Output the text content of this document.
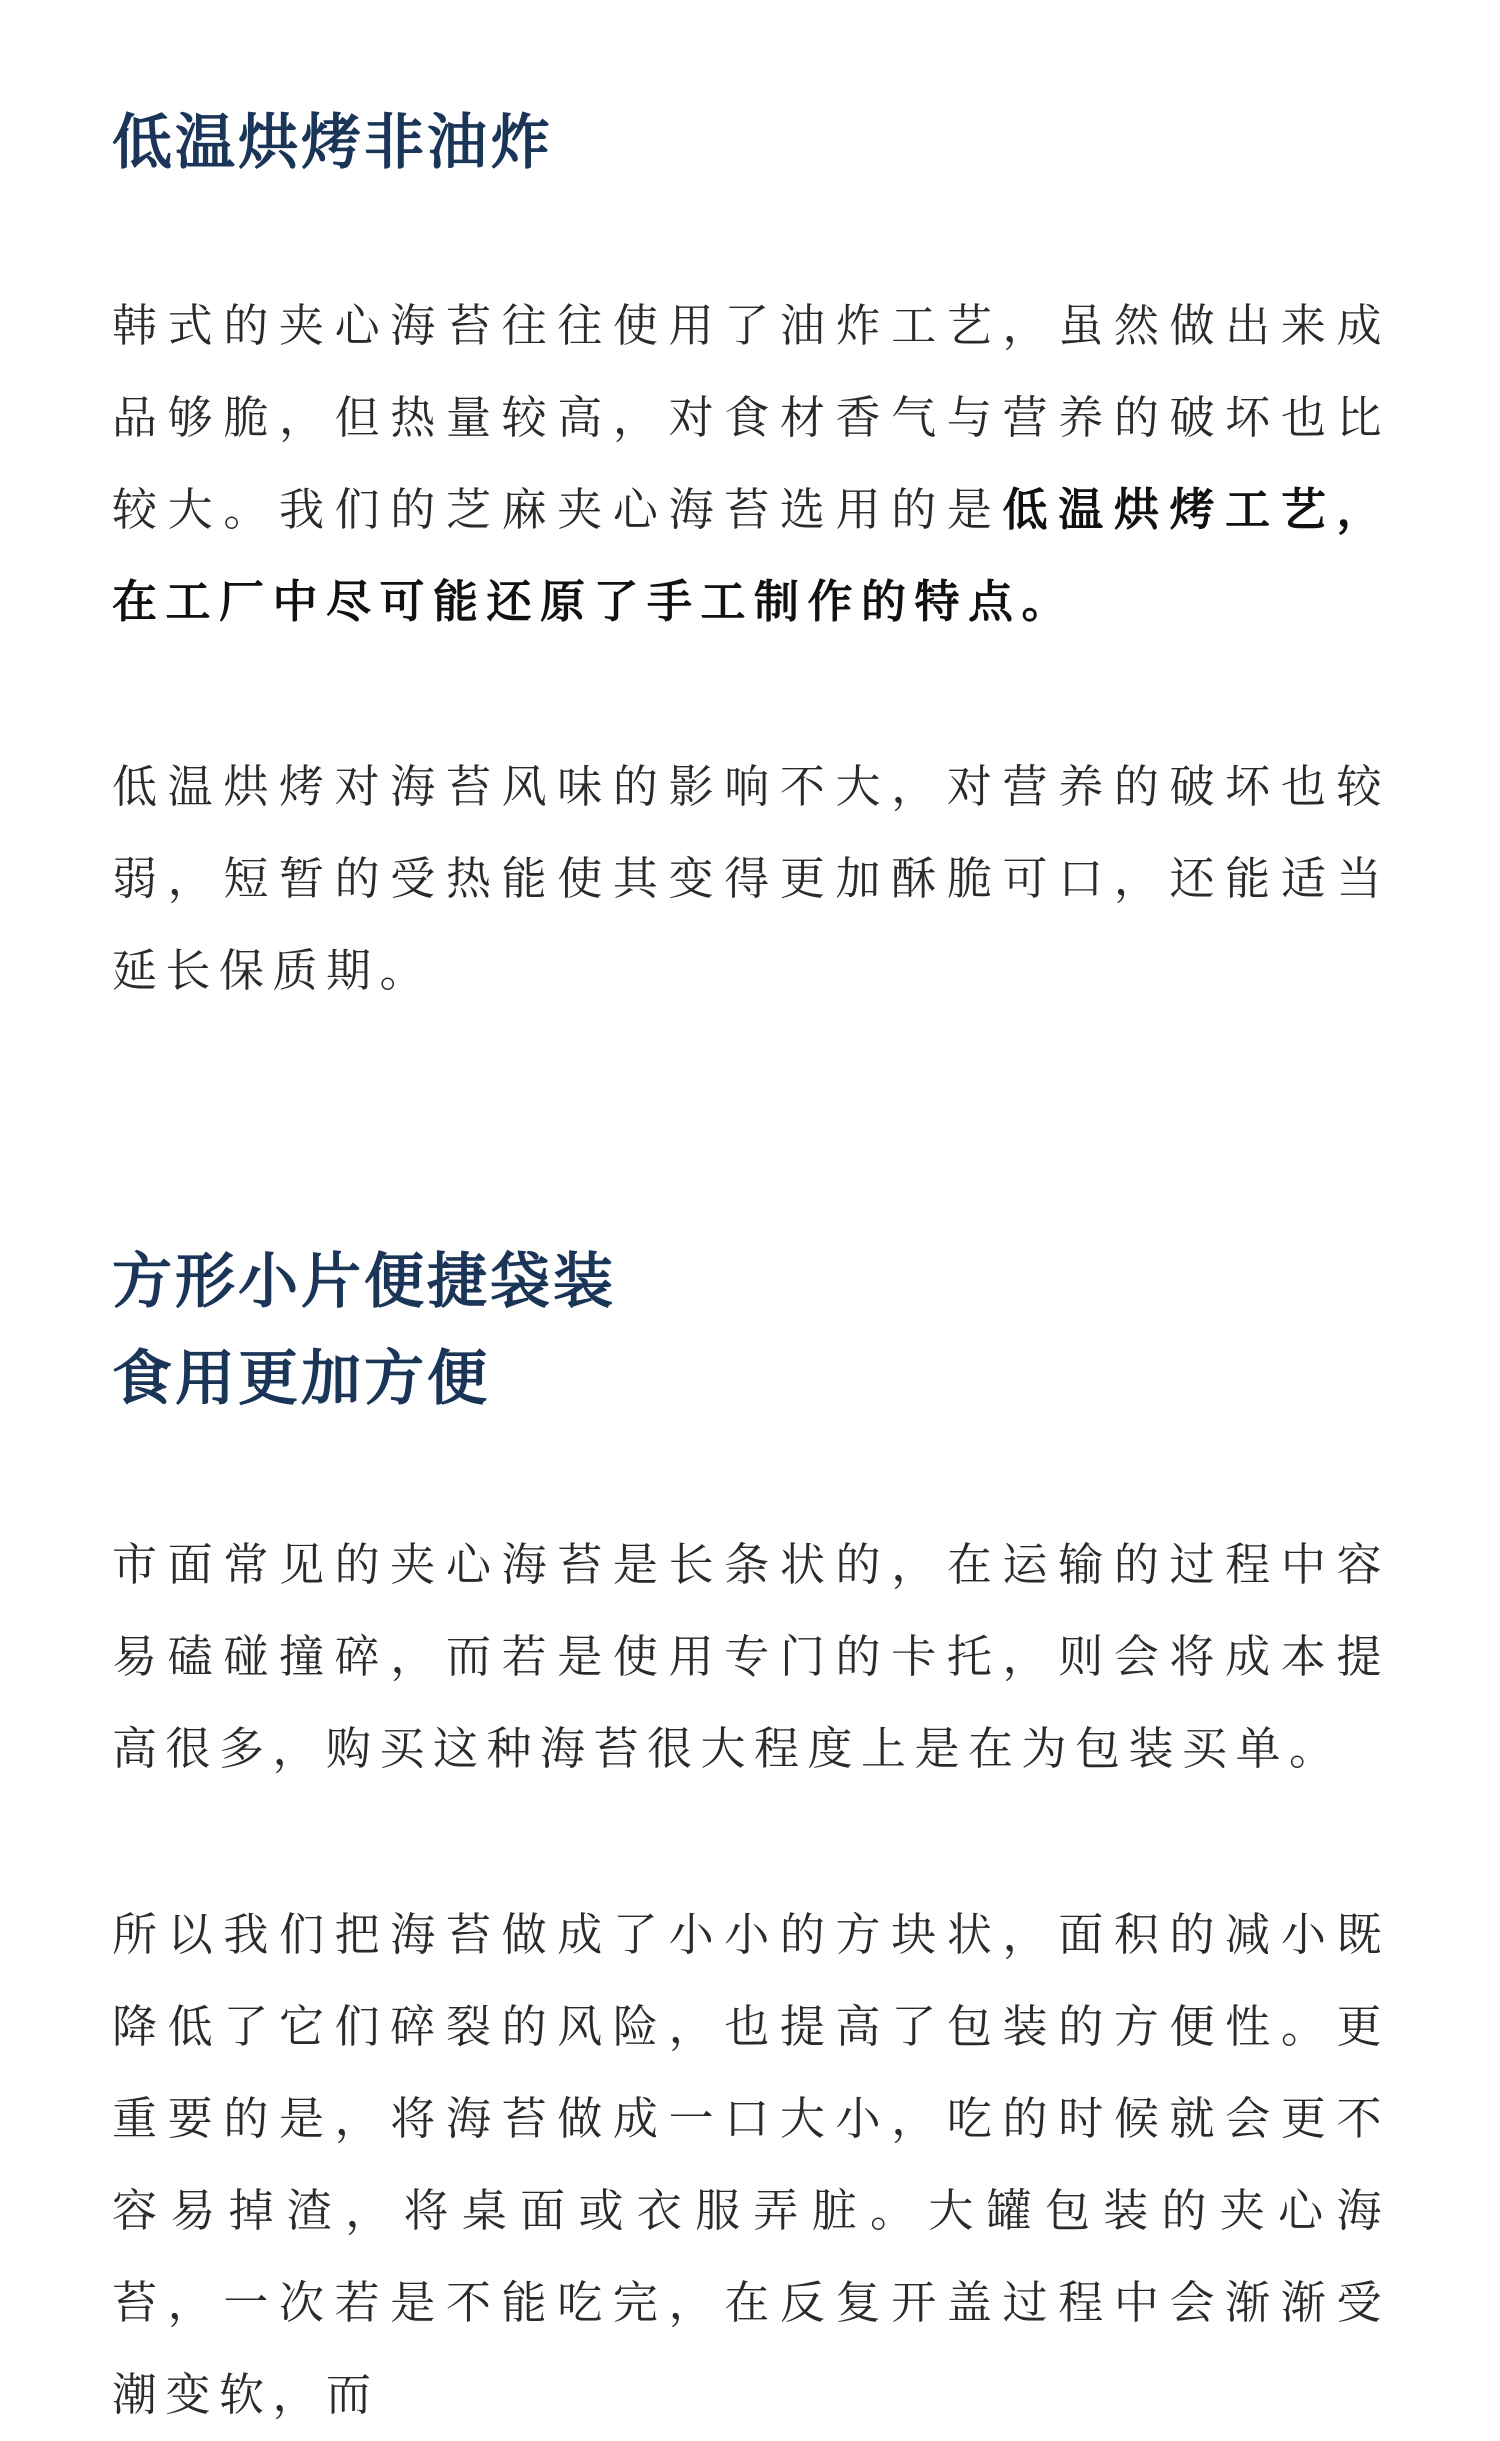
低温烘烤非油炸

韩式的夹心海苔往往使用了油炸工艺，虽然做出来成品够脆，但热量较高，对食材香气与营养的破坏也比较大。我们的芝麻夹心海苔选用的是低温烘烤工艺，在工厂中尽可能还原了手工制作的特点。

低温烘烤对海苔风味的影响不大，对营养的破坏也较弱，短暂的受热能使其变得更加酥脆可口，还能适当延长保质期。

方形小片便捷袋装
食用更加方便

市面常见的夹心海苔是长条状的，在运输的过程中容易磕碰撞碎，而若是使用专门的卡托，则会将成本提高很多，购买这种海苔很大程度上是在为包装买单。

所以我们把海苔做成了小小的方块状，面积的减小既降低了它们碎裂的风险，也提高了包装的方便性。更重要的是，将海苔做成一口大小，吃的时候就会更不容易掉渣，将桌面或衣服弄脏。大罐包装的夹心海苔，一次若是不能吃完，在反复开盖过程中会渐渐受潮变软，而
